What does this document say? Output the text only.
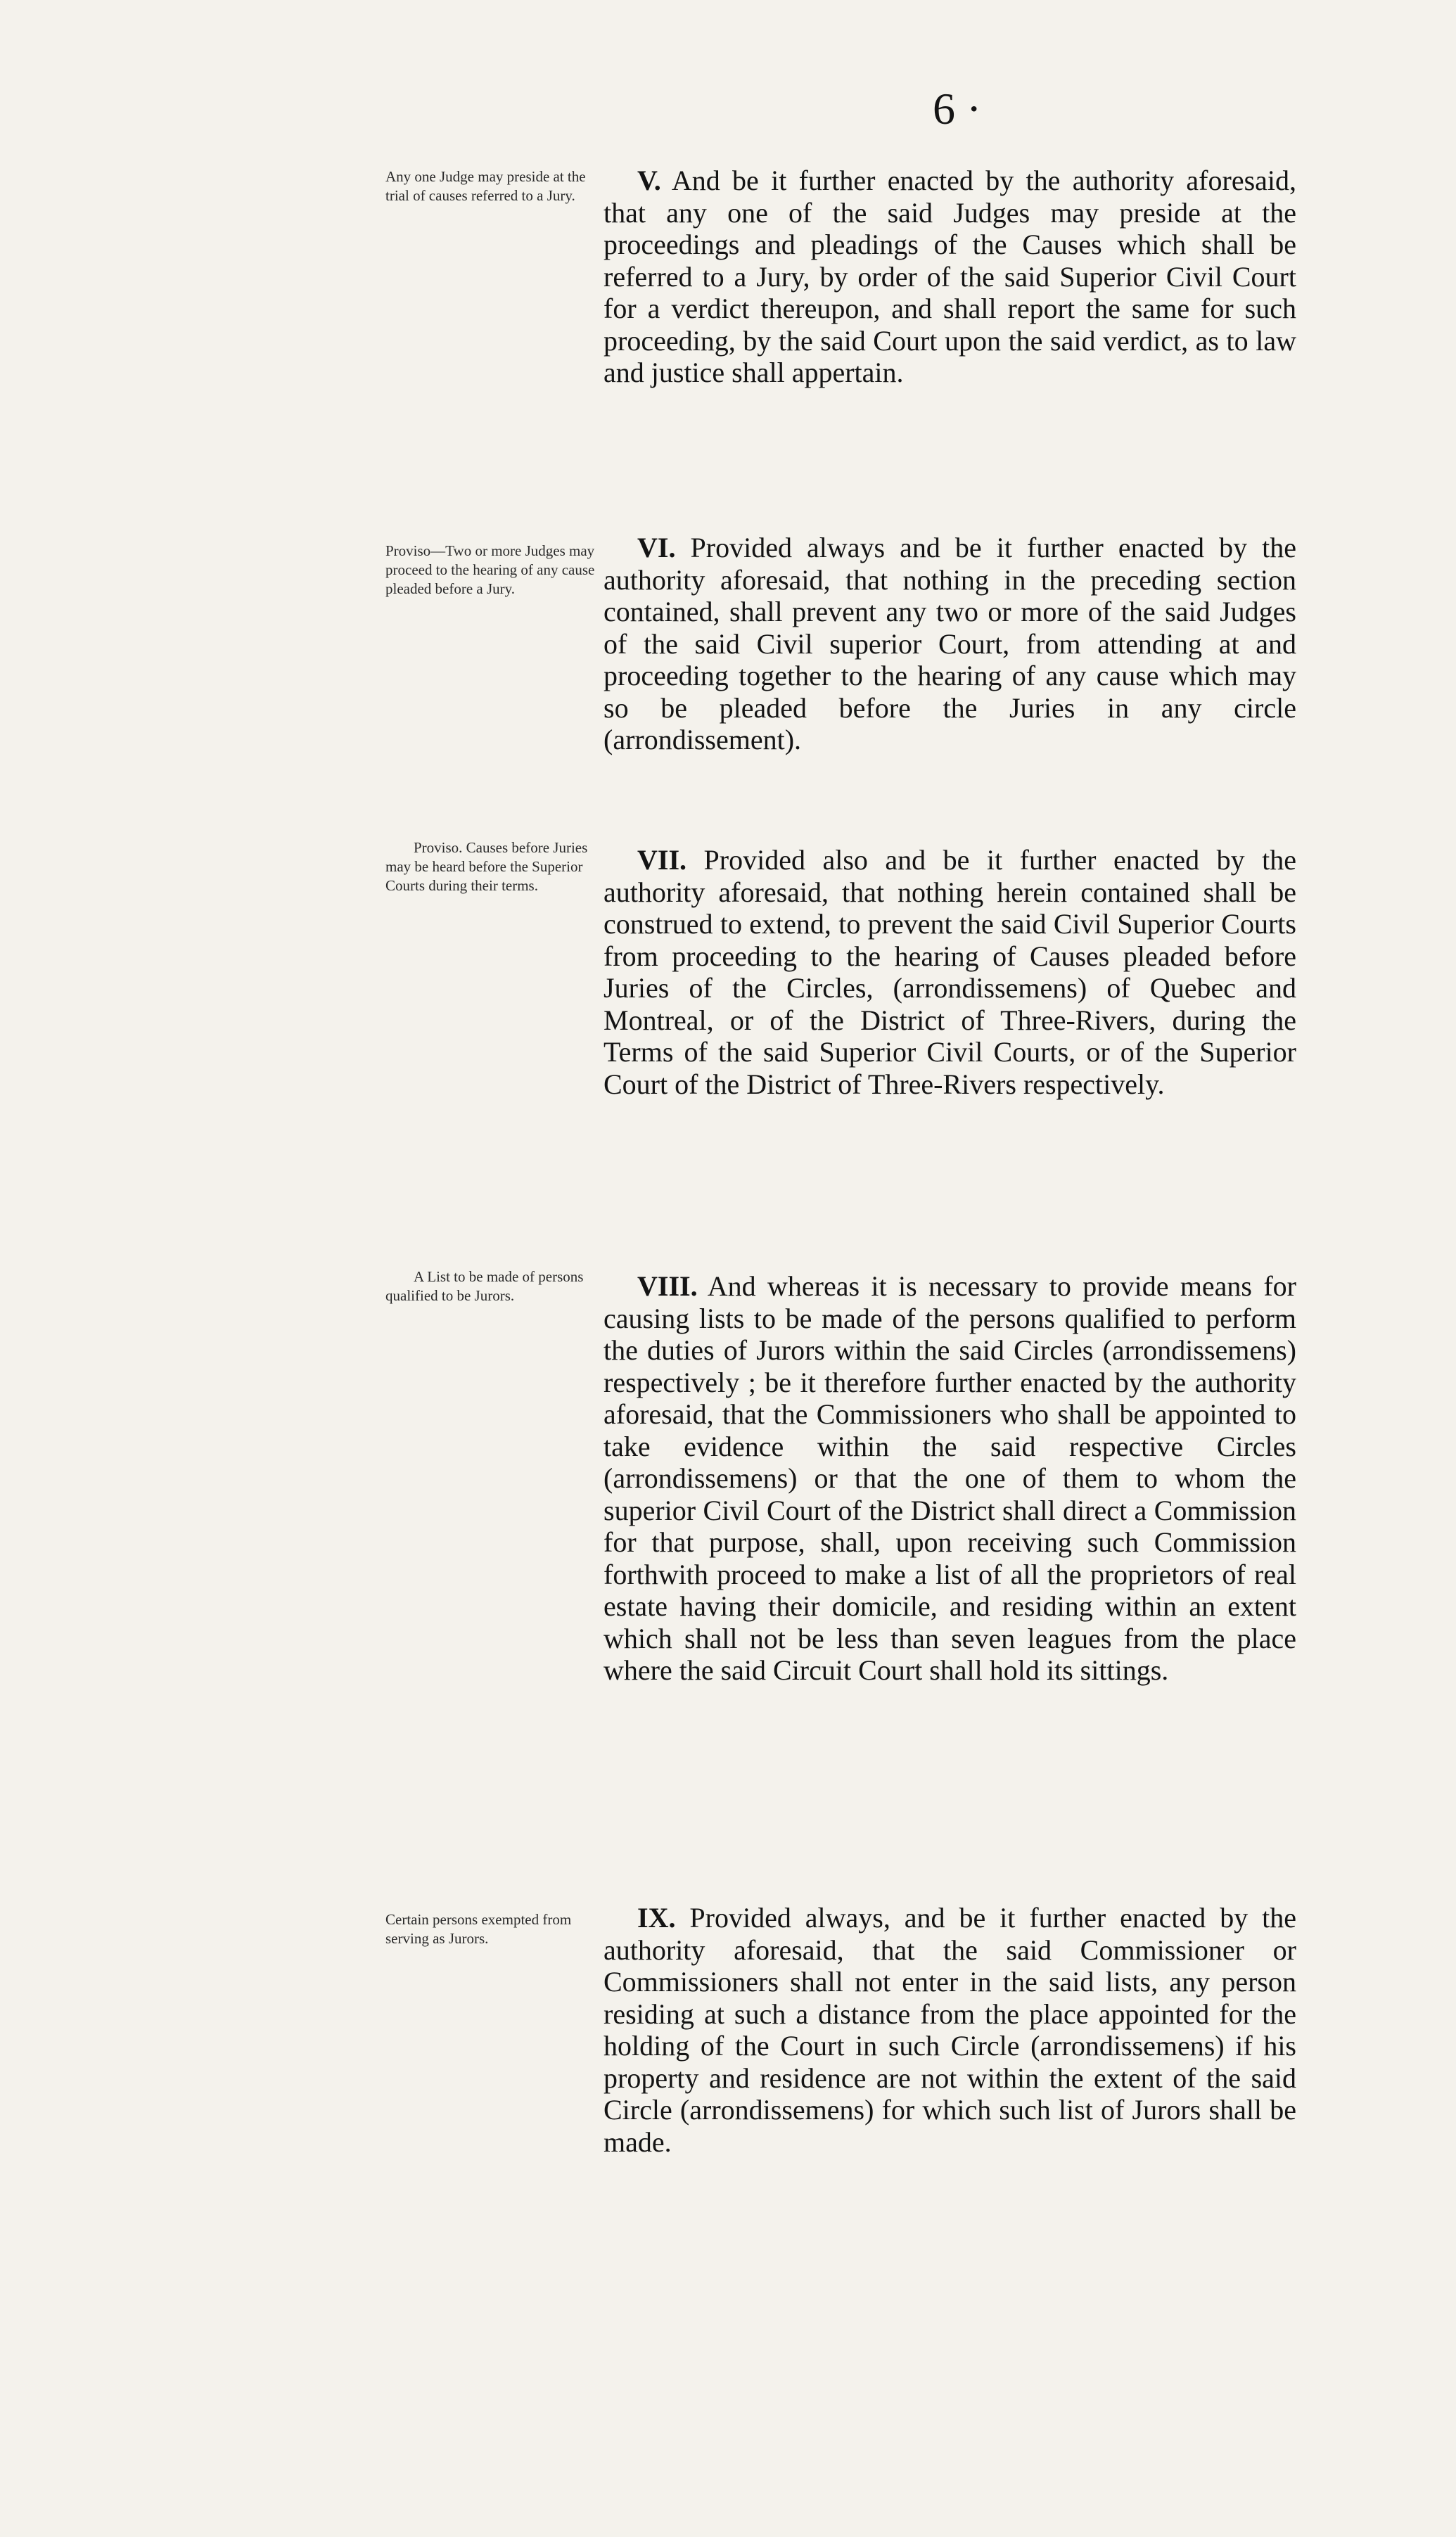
6 ·
Any one Judge may preside at the trial of causes referred to a Jury.	V. And be it further enacted by the authority aforesaid, that any one of the said Judges may preside at the proceedings and pleadings of the Causes which shall be referred to a Jury, by order of the said Superior Civil Court for a verdict thereupon, and shall report the same for such proceeding, by the said Court upon the said verdict, as to law and justice shall appertain.

Proviso—Two or more Judges may proceed to the hearing of any cause pleaded before a Jury.

VI. Provided always and be it further enacted by the authority aforesaid, that nothing in the preceding section contained, shall prevent any two or more of the said Judges of the said Civil superior Court, from attending at and proceeding together to the hearing of any cause which may so be pleaded before the Juries in any circle (arrondissement).

Proviso. Causes before Juries may be heard before the Superior Courts during their terms.

VII. Provided also and be it further enacted by the authority aforesaid, that nothing herein contained shall be construed to extend, to prevent the said Civil Superior Courts from proceeding to the hearing of Causes pleaded before Juries of the Circles, (arrondissemens) of Quebec and Montreal, or of the District of Three-Rivers, during the Terms of the said Superior Civil Courts, or of the Superior Court of the District of Three-Rivers respectively.

A List to be made of persons qualified to be Jurors.	VIII. And whereas it is necessary to provide means for causing lists to be made of the persons qualified to perform the duties of Jurors within the said Circles (arrondissemens) respectively ; be it therefore further enacted by the authority aforesaid, that the Commissioners who shall be appointed to take evidence within the said respective Circles (arrondissemens) or that the one of them to whom the superior Civil Court of the District shall direct a Commission for that purpose, shall, upon receiving such Commission forthwith proceed to make a list of all the proprietors of real estate having their domicile, and residing within an extent which shall not be less than seven leagues from the place where the said Circuit Court shall hold its sittings.

Certain persons exempted from serving as Jurors.

IX. Provided always, and be it further enacted by the authority aforesaid, that the said Commissioner or Commissioners shall not enter in the said lists, any person residing at such a distance from the place appointed for the holding of the Court in such Circle (arrondissemens) if his property and residence are not within the extent of the said Circle (arrondissemens) for which such list of Jurors shall be made.
